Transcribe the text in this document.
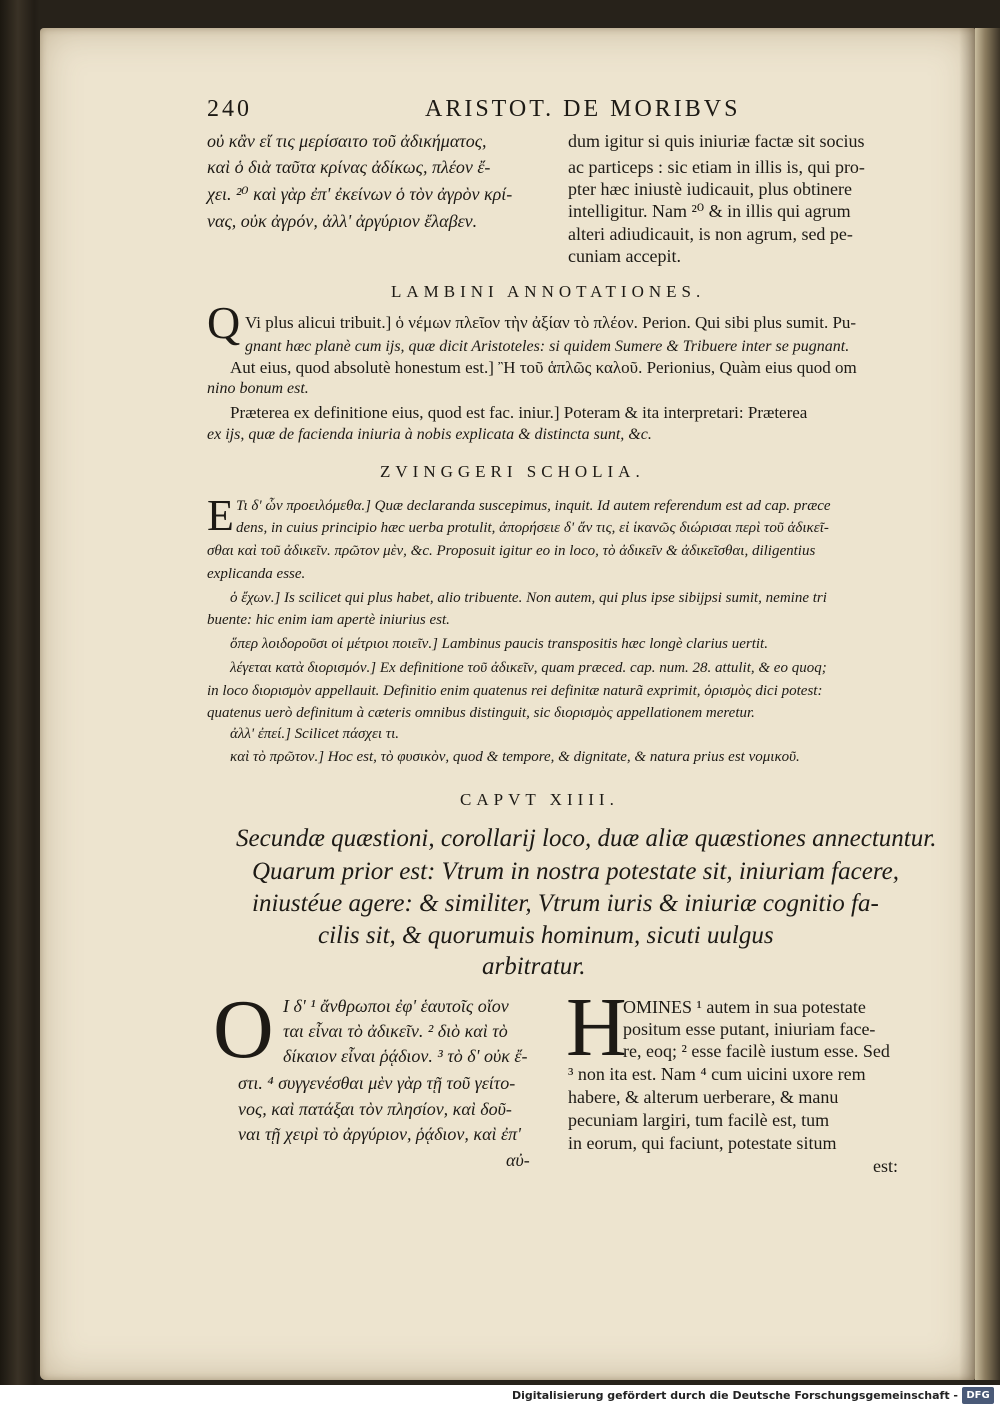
240	ARISTOT. DE MORIBVS
οὐ κἂν εἴ τις μερίσαιτο τοῦ ἀδικήματος,
καὶ ὁ διὰ ταῦτα κρίνας ἀδίκως, πλέον ἔ-
χει. ²⁰ καὶ γὰρ ἐπ' ἐκείνων ὁ τὸν ἀγρὸν κρί-
νας, οὐκ ἀγρόν, ἀλλ' ἀργύριον ἔλαβεν.
dum igitur si quis iniuriæ factæ sit socius
ac particeps : sic etiam in illis is, qui pro-
pter hæc iniustè iudicauit, plus obtinere
intelligitur. Nam ²⁰ & in illis qui agrum
alteri adiudicauit, is non agrum, sed pe-
cuniam accepit.
LAMBINI ANNOTATIONES.
Q Vi plus alicui tribuit.] ὁ νέμων πλεῖον τὴν ἀξίαν τὸ πλέον. Perion. Qui sibi plus sumit. Pu-
gnant hæc planè cum ijs, quæ dicit Aristoteles: si quidem Sumere & Tribuere inter se pugnant.
Aut eius, quod absolutè honestum est.] Ἢ τοῦ ἁπλῶς καλοῦ. Perionius, Quàm eius quod om
nino bonum est.
Præterea ex definitione eius, quod est fac. iniur.] Poteram & ita interpretari: Præterea
ex ijs, quæ de facienda iniuria à nobis explicata & distincta sunt, &c.
ZVINGGERI SCHOLIA.
E Τι δ' ὧν προειλόμεθα.] Quæ declaranda suscepimus, inquit. Id autem referendum est ad cap. præce
dens, in cuius principio hæc uerba protulit, ἀπορήσειε δ' ἄν τις, εἰ ἱκανῶς διώρισαι περὶ τοῦ ἀδικεῖ-
σθαι καὶ τοῦ ἀδικεῖν. πρῶτον μὲν, &c. Proposuit igitur eo in loco, τὸ ἀδικεῖν & ἀδικεῖσθαι, diligentius
explicanda esse.
ὁ ἔχων.] Is scilicet qui plus habet, alio tribuente. Non autem, qui plus ipse sibijpsi sumit, nemine tri
buente: hic enim iam apertè iniurius est.
ὅπερ λοιδοροῦσι οἱ μέτριοι ποιεῖν.] Lambinus paucis transpositis hæc longè clarius uertit.
λέγεται κατὰ διορισμόν.] Ex definitione τοῦ ἀδικεῖν, quam præced. cap. num. 28. attulit, & eo quoq;
in loco διορισμὸν appellauit. Definitio enim quatenus rei definitæ naturã exprimit, ὁρισμὸς dici potest:
quatenus uerò definitum à cæteris omnibus distinguit, sic διορισμὸς appellationem meretur.
ἀλλ' ἐπεί.] Scilicet πάσχει τι.
καὶ τὸ πρῶτον.] Hoc est, τὸ φυσικὸν, quod & tempore, & dignitate, & natura prius est νομικοῦ.
CAPVT XIIII.
Secundæ quæstioni, corollarij loco, duæ aliæ quæstiones annectuntur.
Quarum prior est: Vtrum in nostra potestate sit, iniuriam facere,
iniustéue agere: & similiter, Vtrum iuris & iniuriæ cognitio fa-
cilis sit, & quorumuis hominum, sicuti uulgus
arbitratur.
O Ι δ' ¹ ἄνθρωποι ἐφ' ἑαυτοῖς οἴον
ται εἶναι τὸ ἀδικεῖν. ² διὸ καὶ τὸ
δίκαιον εἶναι ῥᾴδιον. ³ τὸ δ' οὐκ ἔ-
στι. ⁴ συγγενέσθαι μὲν γὰρ τῇ τοῦ γείτο-
νος, καὶ πατάξαι τὸν πλησίον, καὶ δοῦ-
ναι τῇ χειρὶ τὸ ἀργύριον, ῥᾴδιον, καὶ ἐπ'
αὐ-
H
OMINES ¹ autem in sua potestate
positum esse putant, iniuriam face-
re, eoq; ² esse facilè iustum esse. Sed
³ non ita est. Nam ⁴ cum uicini uxore rem
habere, & alterum uerberare, & manu
pecuniam largiri, tum facilè est, tum
in eorum, qui faciunt, potestate situm
est:
Digitalisierung gefördert durch die Deutsche Forschungsgemeinschaft - DFG
